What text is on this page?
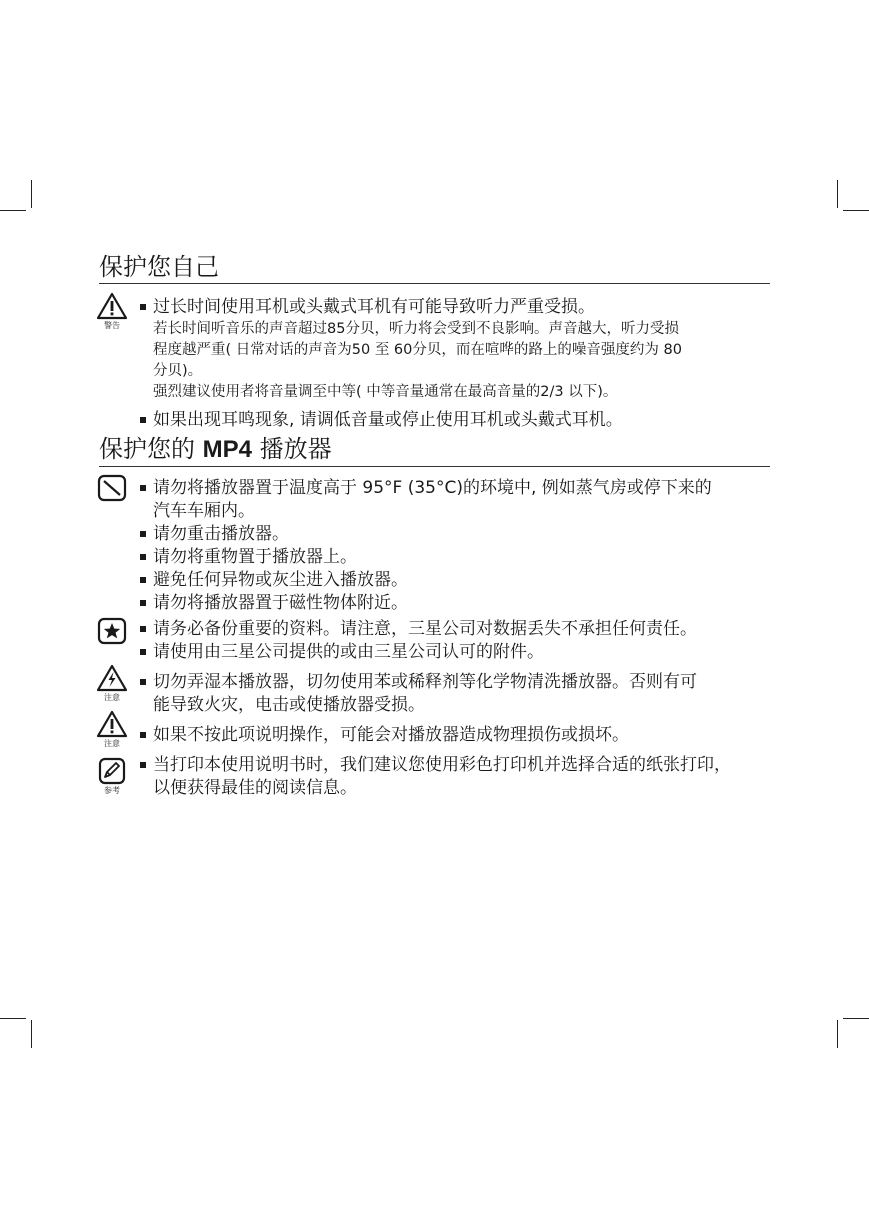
保护您自己
警告
过长时间使用耳机或头戴式耳机有可能导致听力严重受损。
若长时间听音乐的声音超过85分贝，听力将会受到不良影响。声音越大，听力受损
程度越严重( 日常对话的声音为50 至 60分贝，而在喧哗的路上的噪音强度约为 80
分贝)。
强烈建议使用者将音量调至中等( 中等音量通常在最高音量的2/3 以下)。
如果出现耳鸣现象, 请调低音量或停止使用耳机或头戴式耳机。
保护您的 MP4 播放器
请勿将播放器置于温度高于 95°F (35°C)的环境中, 例如蒸气房或停下来的
汽车车厢内。
请勿重击播放器。
请勿将重物置于播放器上。
避免任何异物或灰尘进入播放器。
请勿将播放器置于磁性物体附近。
请务必备份重要的资料。请注意，三星公司对数据丢失不承担任何责任。
请使用由三星公司提供的或由三星公司认可的附件。
注意
切勿弄湿本播放器，切勿使用苯或稀释剂等化学物清洗播放器。否则有可
能导致火灾，电击或使播放器受损。
注意	如果不按此项说明操作，可能会对播放器造成物理损伤或损坏。
参考
当打印本使用说明书时，我们建议您使用彩色打印机并选择合适的纸张打印，
以便获得最佳的阅读信息。
